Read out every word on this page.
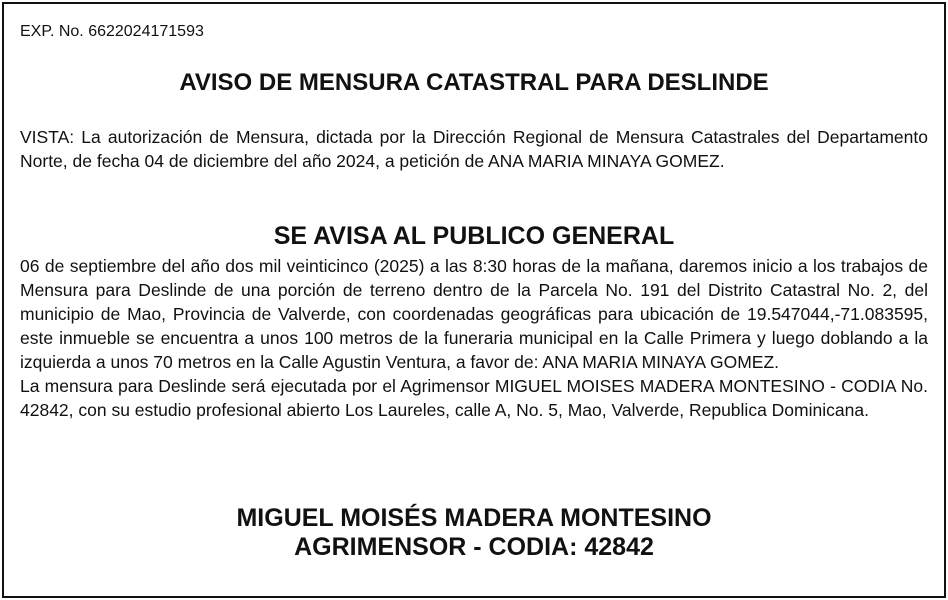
EXP. No. 6622024171593
AVISO DE MENSURA CATASTRAL PARA DESLINDE
VISTA: La autorización de Mensura, dictada por la Dirección Regional de Mensura Catastrales del Departamento Norte, de fecha 04 de diciembre del año 2024, a petición de ANA MARIA MINAYA GOMEZ.
SE AVISA AL PUBLICO GENERAL

06 de septiembre del año dos mil veinticinco (2025) a las 8:30 horas de la mañana, daremos inicio a los trabajos de Mensura para Deslinde de una porción de terreno dentro de la Parcela No. 191 del Distrito Catastral No. 2, del municipio de Mao, Provincia de Valverde, con coordenadas geográficas para ubicación de 19.547044,-71.083595, este inmueble se encuentra a unos 100 metros de la funeraria municipal en la Calle Primera y luego doblando a la izquierda a unos 70 metros en la Calle Agustin Ventura, a favor de: ANA MARIA MINAYA GOMEZ.

La mensura para Deslinde será ejecutada por el Agrimensor MIGUEL MOISES MADERA MONTESINO - CODIA No. 42842, con su estudio profesional abierto Los Laureles, calle A, No. 5, Mao, Valverde, Republica Dominicana.

MIGUEL MOISÉS MADERA MONTESINO
AGRIMENSOR - CODIA: 42842
